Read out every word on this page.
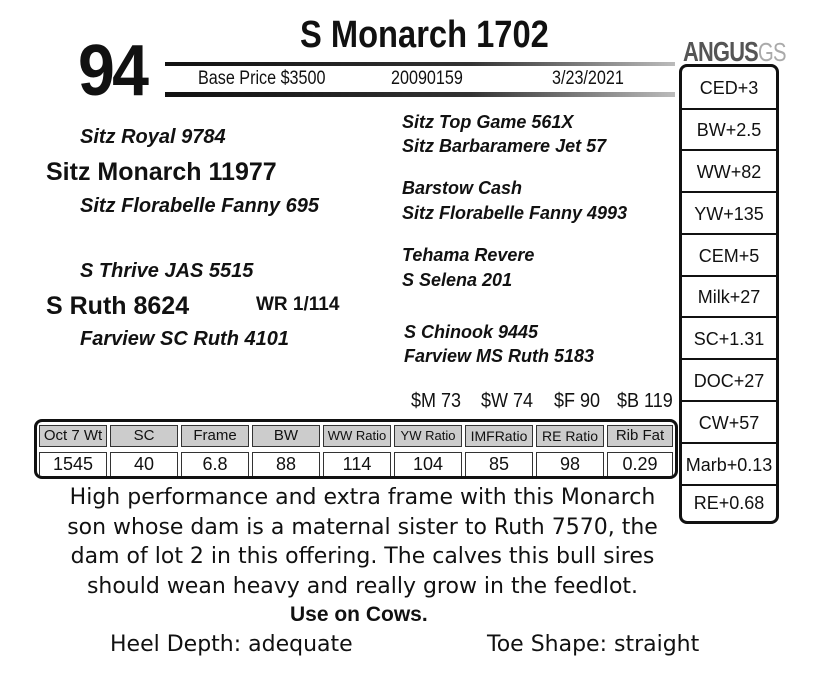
94	S Monarch 1702
Base Price $3500	20090159	3/23/2021
ANGUSGS
Sitz Royal 9784
Sitz Monarch 11977
Sitz Florabelle Fanny 695
S Thrive JAS 5515
S Ruth 8624	WR 1/114
Farview SC Ruth 4101
Sitz Top Game 561X
Sitz Barbaramere Jet 57
Barstow Cash
Sitz Florabelle Fanny 4993
Tehama Revere
S Selena 201
S Chinook 9445
Farview MS Ruth 5183
CED+3
BW+2.5
WW+82
YW+135
CEM+5
Milk+27
SC+1.31
DOC+27
CW+57
Marb+0.13
RE+0.68
$M 73 $W 74 $F 90 $B 119
Oct 7 Wt	SC	Frame	BW	WW Ratio	YW Ratio	IMFRatio	RE Ratio	Rib Fat
1545	40	6.8	88	114	104	85	98	0.29
High performance and extra frame with this Monarch
son whose dam is a maternal sister to Ruth 7570, the
dam of lot 2 in this offering. The calves this bull sires
should wean heavy and really grow in the feedlot.
Use on Cows.
Heel Depth: adequate	Toe Shape: straight
